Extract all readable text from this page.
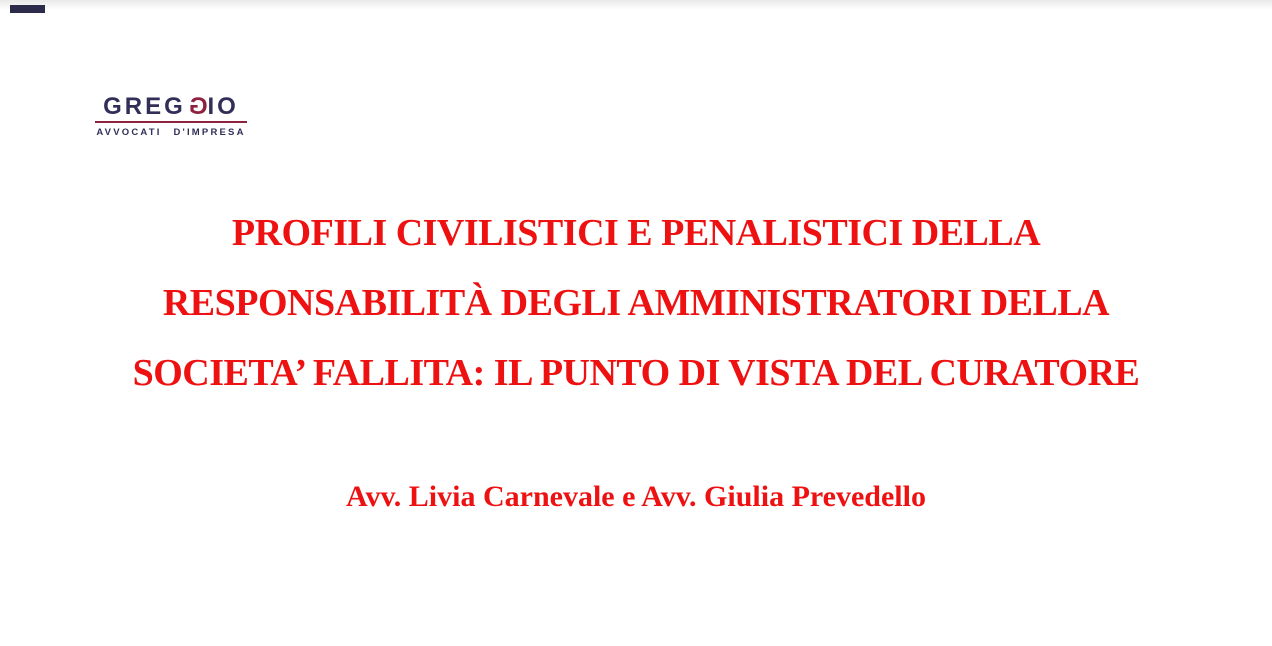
GREGGIO
AVVOCATI D'IMPRESA
PROFILI CIVILISTICI E PENALISTICI DELLA
RESPONSABILITÀ DEGLI AMMINISTRATORI DELLA
SOCIETA’ FALLITA: IL PUNTO DI VISTA DEL CURATORE
Avv. Livia Carnevale e Avv. Giulia Prevedello
